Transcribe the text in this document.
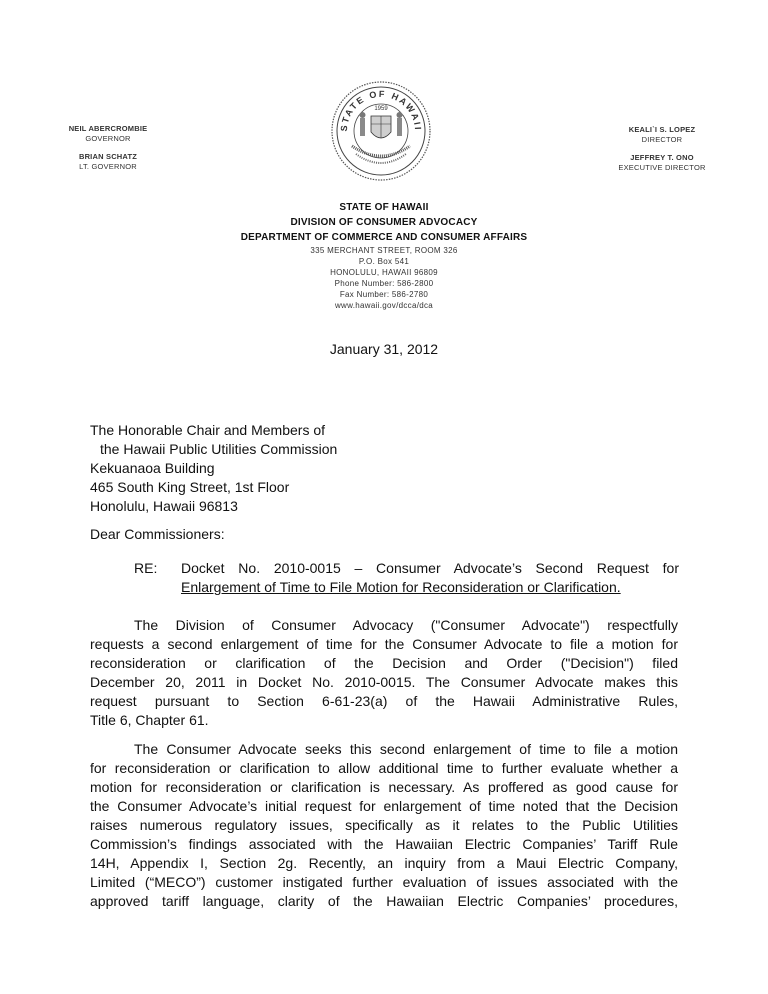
NEIL ABERCROMBIE
GOVERNOR
BRIAN SCHATZ
LT. GOVERNOR
STATE OF HAWAII
1959
KEALI`I S. LOPEZ
DIRECTOR
JEFFREY T. ONO
EXECUTIVE DIRECTOR
STATE OF HAWAII
DIVISION OF CONSUMER ADVOCACY
DEPARTMENT OF COMMERCE AND CONSUMER AFFAIRS
335 MERCHANT STREET, ROOM 326
P.O. Box 541
HONOLULU, HAWAII 96809
Phone Number: 586-2800
Fax Number: 586-2780
www.hawaii.gov/dcca/dca
January 31, 2012
The Honorable Chair and Members of
the Hawaii Public Utilities Commission
Kekuanaoa Building
465 South King Street, 1st Floor
Honolulu, Hawaii 96813
Dear Commissioners:
RE: Docket No. 2010-0015 – Consumer Advocate’s Second Request for
Enlargement of Time to File Motion for Reconsideration or Clarification.
The Division of Consumer Advocacy ("Consumer Advocate") respectfully
requests a second enlargement of time for the Consumer Advocate to file a motion for
reconsideration or clarification of the Decision and Order ("Decision") filed
December 20, 2011 in Docket No. 2010-0015. The Consumer Advocate makes this
request pursuant to Section 6-61-23(a) of the Hawaii Administrative Rules,
Title 6, Chapter 61.
The Consumer Advocate seeks this second enlargement of time to file a motion
for reconsideration or clarification to allow additional time to further evaluate whether a
motion for reconsideration or clarification is necessary. As proffered as good cause for
the Consumer Advocate’s initial request for enlargement of time noted that the Decision
raises numerous regulatory issues, specifically as it relates to the Public Utilities
Commission’s findings associated with the Hawaiian Electric Companies’ Tariff Rule
14H, Appendix I, Section 2g. Recently, an inquiry from a Maui Electric Company,
Limited (“MECO”) customer instigated further evaluation of issues associated with the
approved tariff language, clarity of the Hawaiian Electric Companies’ procedures,
